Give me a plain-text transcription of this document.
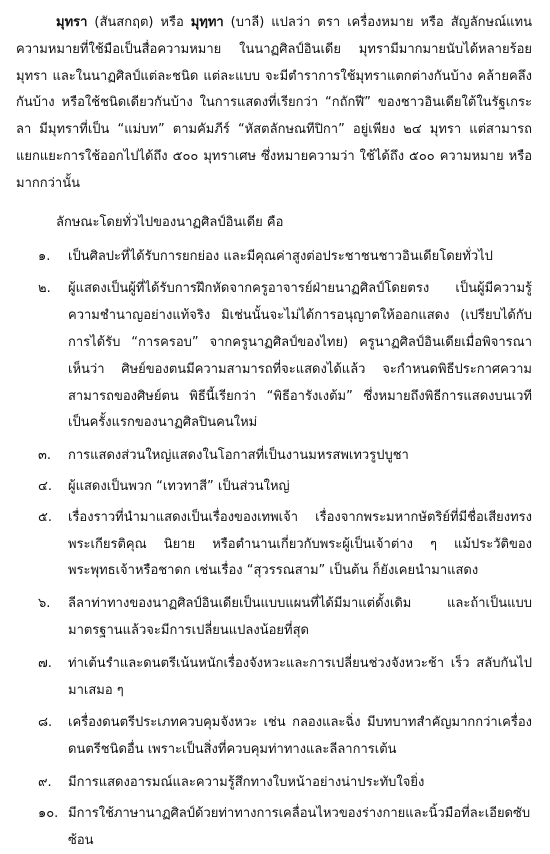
มุทรา (สันสกฤต) หรือ มุทฺทา (บาลี) แปลว่า ตรา เครื่องหมาย หรือ สัญลักษณ์แทนความหมายที่ใช้มือเป็นสื่อความหมาย ในนาฏศิลป์อินเดีย มุทรามีมากมายนับได้หลายร้อยมุทรา และในนาฏศิลป์แต่ละชนิด แต่ละแบบ จะมีตำราการใช้มุทราแตกต่างกันบ้าง คล้ายคลึงกันบ้าง หรือใช้ชนิดเดียวกันบ้าง ในการแสดงที่เรียกว่า “กถักฬี” ของชาวอินเดียใต้ในรัฐเกระลา มีมุทราที่เป็น “แม่บท” ตามคัมภีร์ “หัสตลักษณทีปิกา” อยู่เพียง ๒๔ มุทรา แต่สามารถแยกแยะการใช้ออกไปได้ถึง ๕๐๐ มุทราเศษ ซึ่งหมายความว่า ใช้ได้ถึง ๕๐๐ ความหมาย หรือมากกว่านั้น

ลักษณะโดยทั่วไปของนาฏศิลป์อินเดีย คือ

๑.	เป็นศิลปะที่ได้รับการยกย่อง และมีคุณค่าสูงต่อประชาชนชาวอินเดียโดยทั่วไป
๒.	ผู้แสดงเป็นผู้ที่ได้รับการฝึกหัดจากครูอาจารย์ฝ่ายนาฏศิลป์โดยตรง เป็นผู้มีความรู้ความชำนาญอย่างแท้จริง มิเช่นนั้นจะไม่ได้การอนุญาตให้ออกแสดง (เปรียบได้กับการได้รับ “การครอบ” จากครูนาฏศิลป์ของไทย) ครูนาฏศิลป์อินเดียเมื่อพิจารณาเห็นว่า ศิษย์ของตนมีความสามารถที่จะแสดงได้แล้ว จะกำหนดพิธีประกาศความสามารถของศิษย์ตน พิธีนี้เรียกว่า “พิธีอารังเงต้ม” ซึ่งหมายถึงพิธีการแสดงบนเวทีเป็นครั้งแรกของนาฏศิลปินคนใหม่
๓.	การแสดงส่วนใหญ่แสดงในโอกาสที่เป็นงานมหรสพเทวรูปบูชา
๔.	ผู้แสดงเป็นพวก “เทวทาสี” เป็นส่วนใหญ่
๕.	เรื่องราวที่นำมาแสดงเป็นเรื่องของเทพเจ้า เรื่องจากพระมหากษัตริย์ที่มีชื่อเสียงทรงพระเกียรติคุณ นิยาย หรือตำนานเกี่ยวกับพระผู้เป็นเจ้าต่าง ๆ แม้ประวัติของพระพุทธเจ้าหรือชาดก เช่นเรื่อง “สุวรรณสาม” เป็นต้น ก็ยังเคยนำมาแสดง
๖.	ลีลาท่าทางของนาฏศิลป์อินเดียเป็นแบบแผนที่ได้มีมาแต่ดั้งเดิม และถ้าเป็นแบบมาตรฐานแล้วจะมีการเปลี่ยนแปลงน้อยที่สุด
๗.	ท่าเต้นรำและดนตรีเน้นหนักเรื่องจังหวะและการเปลี่ยนช่วงจังหวะช้า เร็ว สลับกันไปมาเสมอ ๆ
๘.	เครื่องดนตรีประเภทควบคุมจังหวะ เช่น กลองและฉิ่ง มีบทบาทสำคัญมากกว่าเครื่องดนตรีชนิดอื่น เพราะเป็นสิ่งที่ควบคุมท่าทางและลีลาการเต้น
๙.	มีการแสดงอารมณ์และความรู้สึกทางใบหน้าอย่างน่าประทับใจยิ่ง
๑๐. มีการใช้ภาษานาฏศิลป์ด้วยท่าทางการเคลื่อนไหวของร่างกายและนิ้วมือที่ละเอียดซับซ้อน
